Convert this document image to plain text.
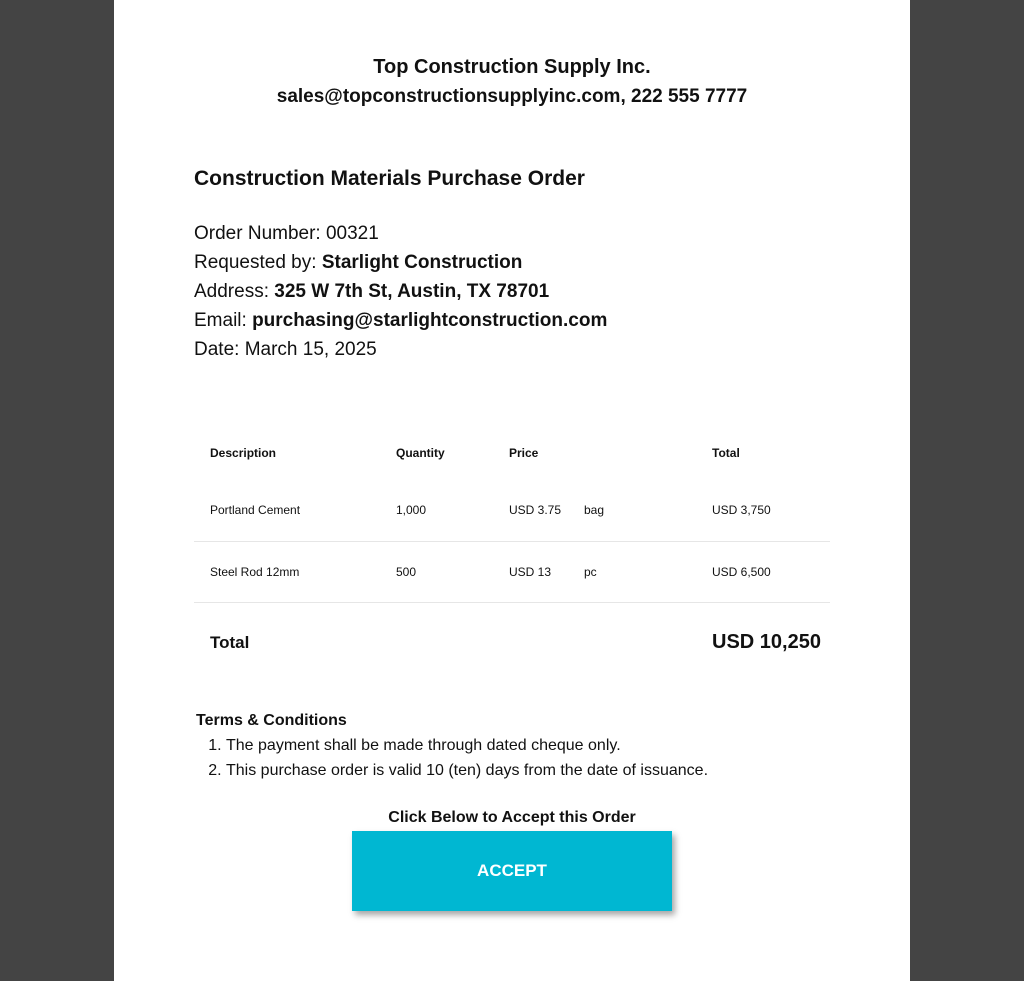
Top Construction Supply Inc.
sales@topconstructionsupplyinc.com, 222 555 7777
Construction Materials Purchase Order
Order Number: 00321
Requested by: Starlight Construction
Address: 325 W 7th St, Austin, TX 78701
Email: purchasing@starlightconstruction.com
Date: March 15, 2025
Description	Quantity	Price		Total
Portland Cement	1,000	USD 3.75	bag	USD 3,750
Steel Rod 12mm	500	USD 13	pc	USD 6,500
Total	USD 10,250
Terms & Conditions
1. The payment shall be made through dated cheque only.
2. This purchase order is valid 10 (ten) days from the date of issuance.
Click Below to Accept this Order
ACCEPT
